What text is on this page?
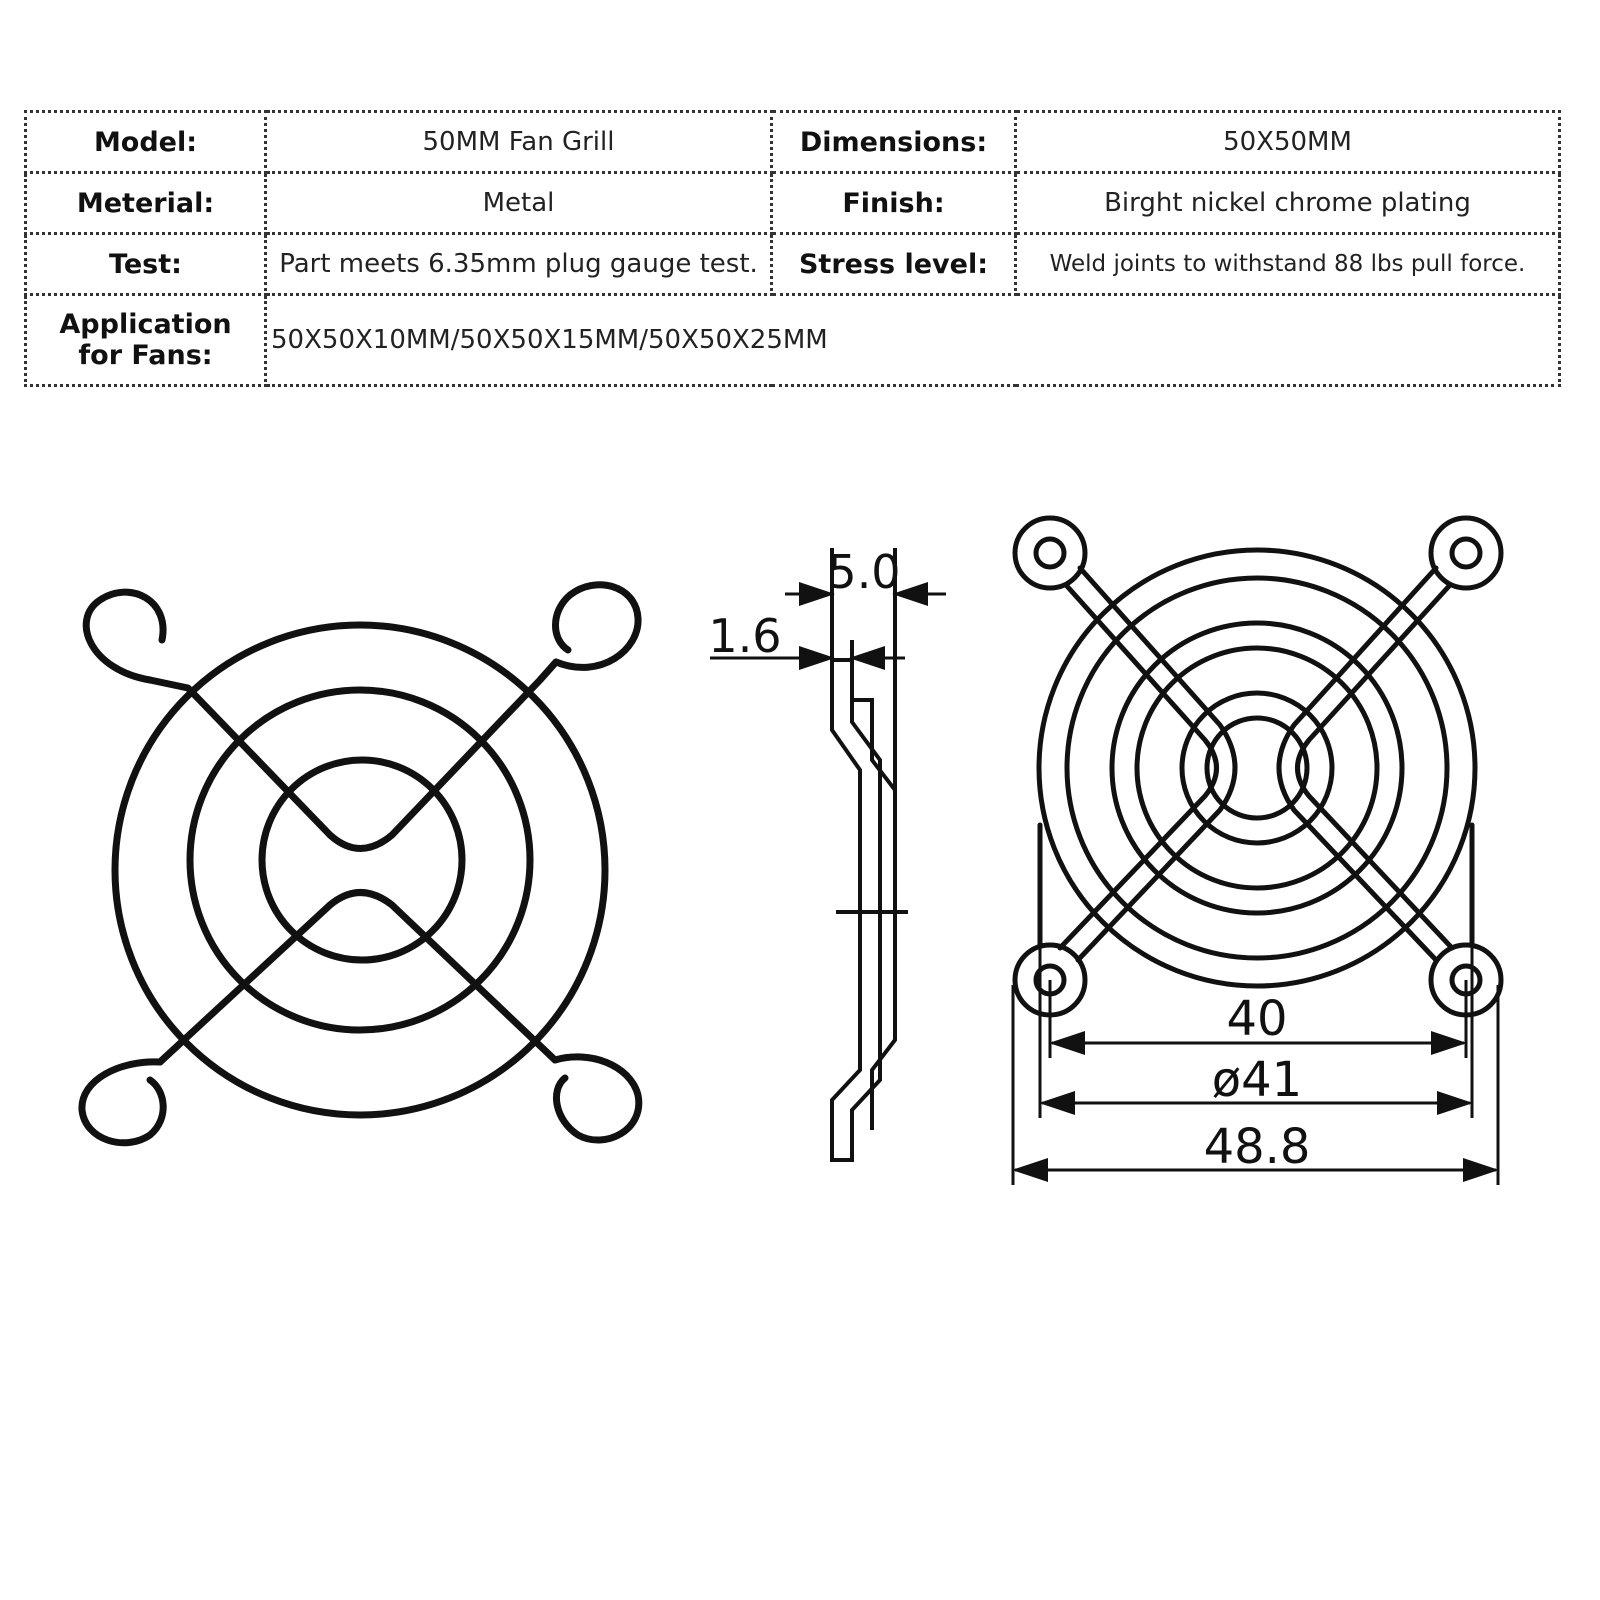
Model:	50MM Fan Grill	Dimensions:	50X50MM
Meterial:	Metal	Finish:	Birght nickel chrome plating
Test:	Part meets 6.35mm plug gauge test.	Stress level:	Weld joints to withstand 88 lbs pull force.
Application for Fans:	50X50X10MM/50X50X15MM/50X50X25MM		
5.0
1.6
40
ø41
48.8
